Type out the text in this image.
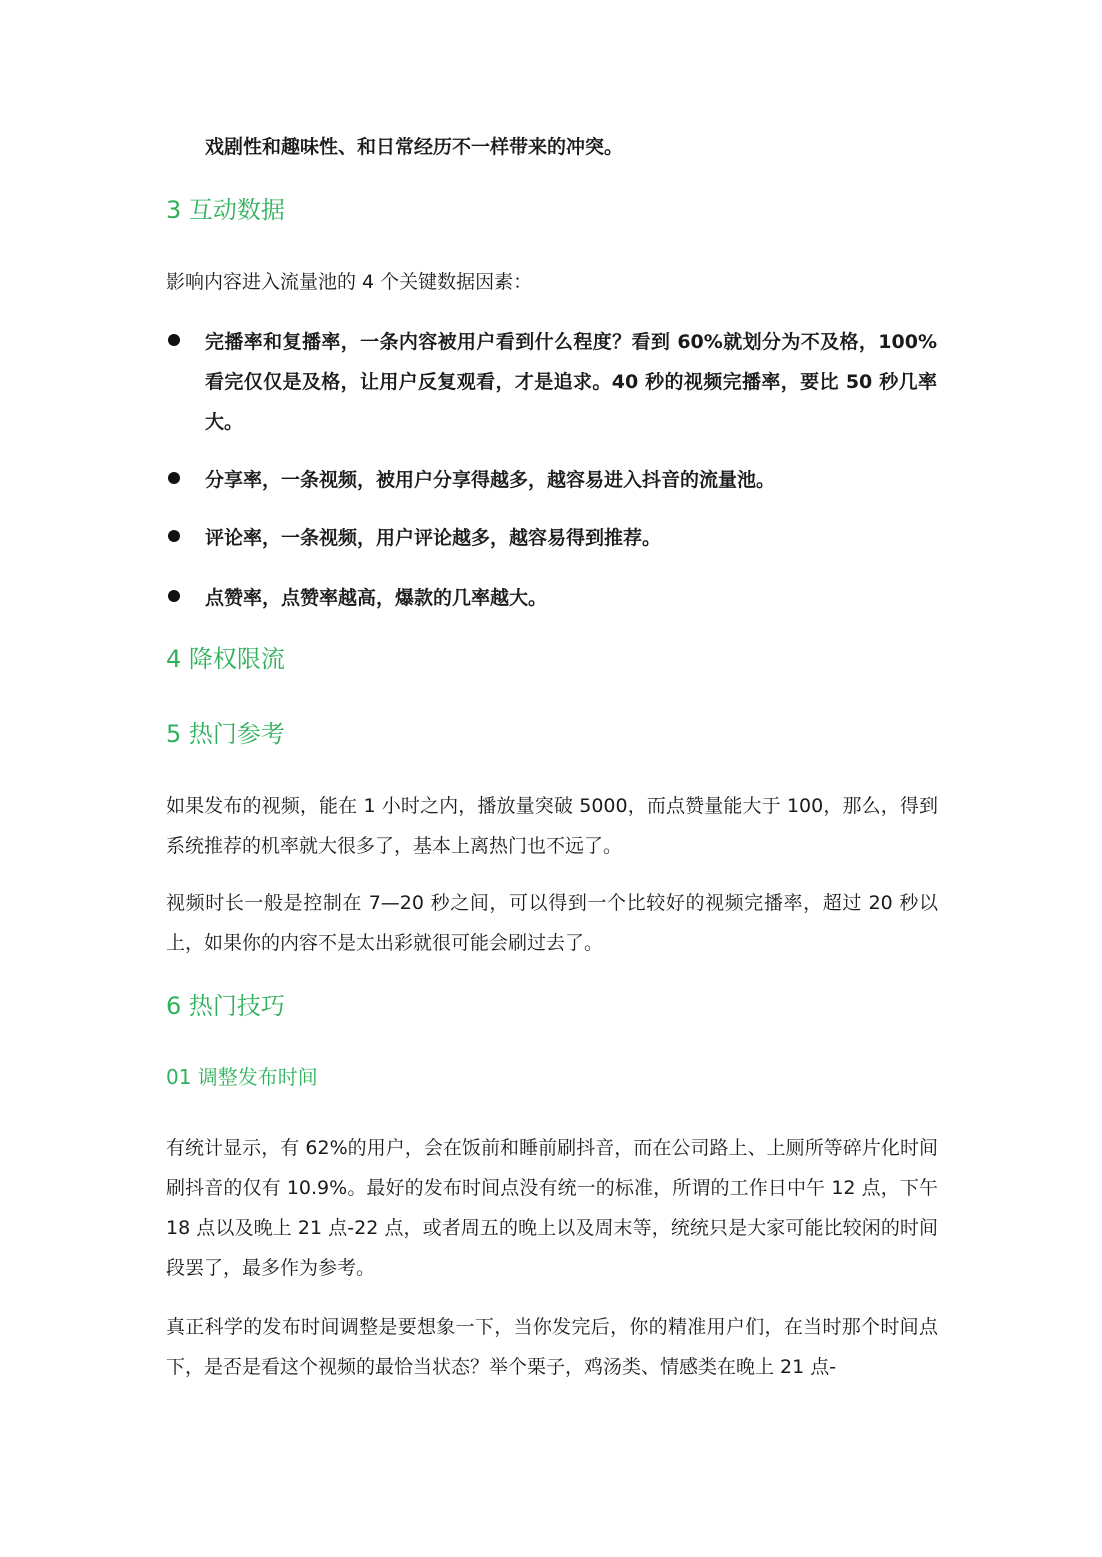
戏剧性和趣味性、和日常经历不一样带来的冲突。
3 互动数据
影响内容进入流量池的 4 个关键数据因素：
完播率和复播率，一条内容被用户看到什么程度？看到 60%就划分为不及格，100%看完仅仅是及格，让用户反复观看，才是追求。40 秒的视频完播率，要比 50 秒几率大。
分享率，一条视频，被用户分享得越多，越容易进入抖音的流量池。
评论率，一条视频，用户评论越多，越容易得到推荐。
点赞率，点赞率越高，爆款的几率越大。
4 降权限流
5 热门参考
如果发布的视频，能在 1 小时之内，播放量突破 5000，而点赞量能大于 100，那么，得到系统推荐的机率就大很多了，基本上离热门也不远了。
视频时长一般是控制在 7—20 秒之间，可以得到一个比较好的视频完播率，超过 20 秒以上，如果你的内容不是太出彩就很可能会刷过去了。
6 热门技巧
01 调整发布时间
有统计显示，有 62%的用户，会在饭前和睡前刷抖音，而在公司路上、上厕所等碎片化时间刷抖音的仅有 10.9%。最好的发布时间点没有统一的标准，所谓的工作日中午 12 点，下午 18 点以及晚上 21 点-22 点，或者周五的晚上以及周末等，统统只是大家可能比较闲的时间段罢了，最多作为参考。
真正科学的发布时间调整是要想象一下，当你发完后，你的精准用户们，在当时那个时间点下，是否是看这个视频的最恰当状态？举个栗子，鸡汤类、情感类在晚上 21 点-
